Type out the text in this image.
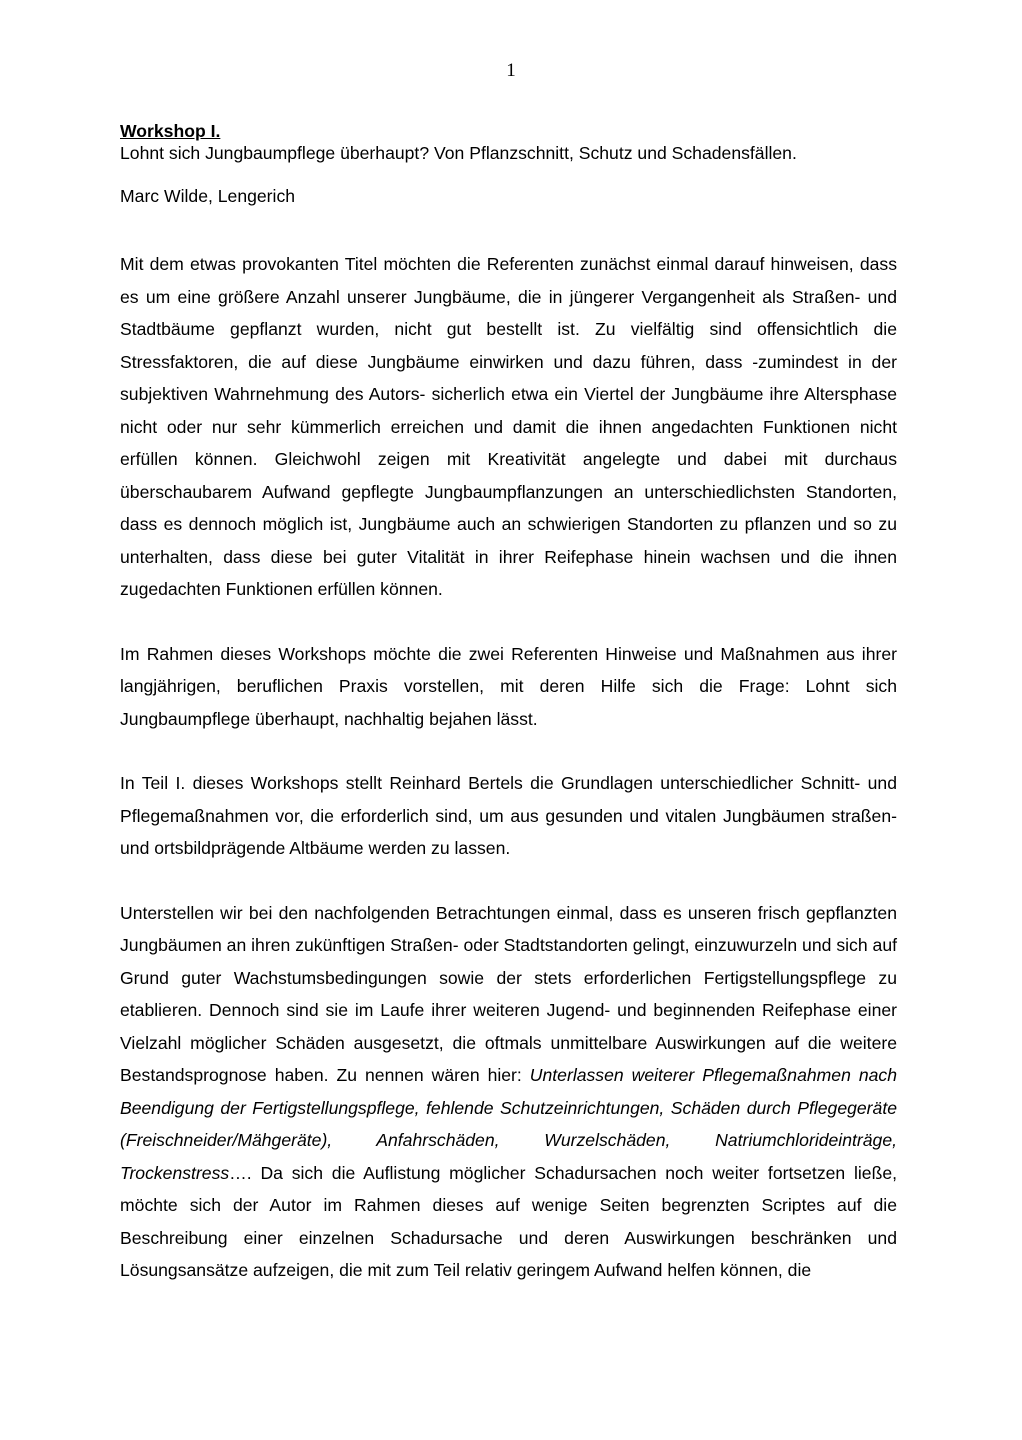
1

Workshop I.

Lohnt sich Jungbaumpflege überhaupt? Von Pflanzschnitt, Schutz und Schadensfällen.

Marc Wilde, Lengerich

Mit dem etwas provokanten Titel möchten die Referenten zunächst einmal darauf hinweisen, dass es um eine größere Anzahl unserer Jungbäume, die in jüngerer Vergangenheit als Straßen- und Stadtbäume gepflanzt wurden, nicht gut bestellt ist. Zu vielfältig sind offensichtlich die Stressfaktoren, die auf diese Jungbäume einwirken und dazu führen, dass -zumindest in der subjektiven Wahrnehmung des Autors- sicherlich etwa ein Viertel der Jungbäume ihre Altersphase nicht oder nur sehr kümmerlich erreichen und damit die ihnen angedachten Funktionen nicht erfüllen können. Gleichwohl zeigen mit Kreativität angelegte und dabei mit durchaus überschaubarem Aufwand gepflegte Jungbaumpflanzungen an unterschiedlichsten Standorten, dass es dennoch möglich ist, Jungbäume auch an schwierigen Standorten zu pflanzen und so zu unterhalten, dass diese bei guter Vitalität in ihrer Reifephase hinein wachsen und die ihnen zugedachten Funktionen erfüllen können.

Im Rahmen dieses Workshops möchte die zwei Referenten Hinweise und Maßnahmen aus ihrer langjährigen, beruflichen Praxis vorstellen, mit deren Hilfe sich die Frage: Lohnt sich Jungbaumpflege überhaupt, nachhaltig bejahen lässt.

In Teil I. dieses Workshops stellt Reinhard Bertels die Grundlagen unterschiedlicher Schnitt- und Pflegemaßnahmen vor, die erforderlich sind, um aus gesunden und vitalen Jungbäumen straßen- und ortsbildprägende Altbäume werden zu lassen.

Unterstellen wir bei den nachfolgenden Betrachtungen einmal, dass es unseren frisch gepflanzten Jungbäumen an ihren zukünftigen Straßen- oder Stadtstandorten gelingt, einzuwurzeln und sich auf Grund guter Wachstumsbedingungen sowie der stets erforderlichen Fertigstellungspflege zu etablieren. Dennoch sind sie im Laufe ihrer weiteren Jugend- und beginnenden Reifephase einer Vielzahl möglicher Schäden ausgesetzt, die oftmals unmittelbare Auswirkungen auf die weitere Bestandsprognose haben. Zu nennen wären hier: Unterlassen weiterer Pflegemaßnahmen nach Beendigung der Fertigstellungspflege, fehlende Schutzeinrichtungen, Schäden durch Pflegegeräte (Freischneider/Mähgeräte), Anfahrschäden, Wurzelschäden, Natriumchlorideinträge, Trockenstress…. Da sich die Auflistung möglicher Schadursachen noch weiter fortsetzen ließe, möchte sich der Autor im Rahmen dieses auf wenige Seiten begrenzten Scriptes auf die Beschreibung einer einzelnen Schadursache und deren Auswirkungen beschränken und Lösungsansätze aufzeigen, die mit zum Teil relativ geringem Aufwand helfen können, die
